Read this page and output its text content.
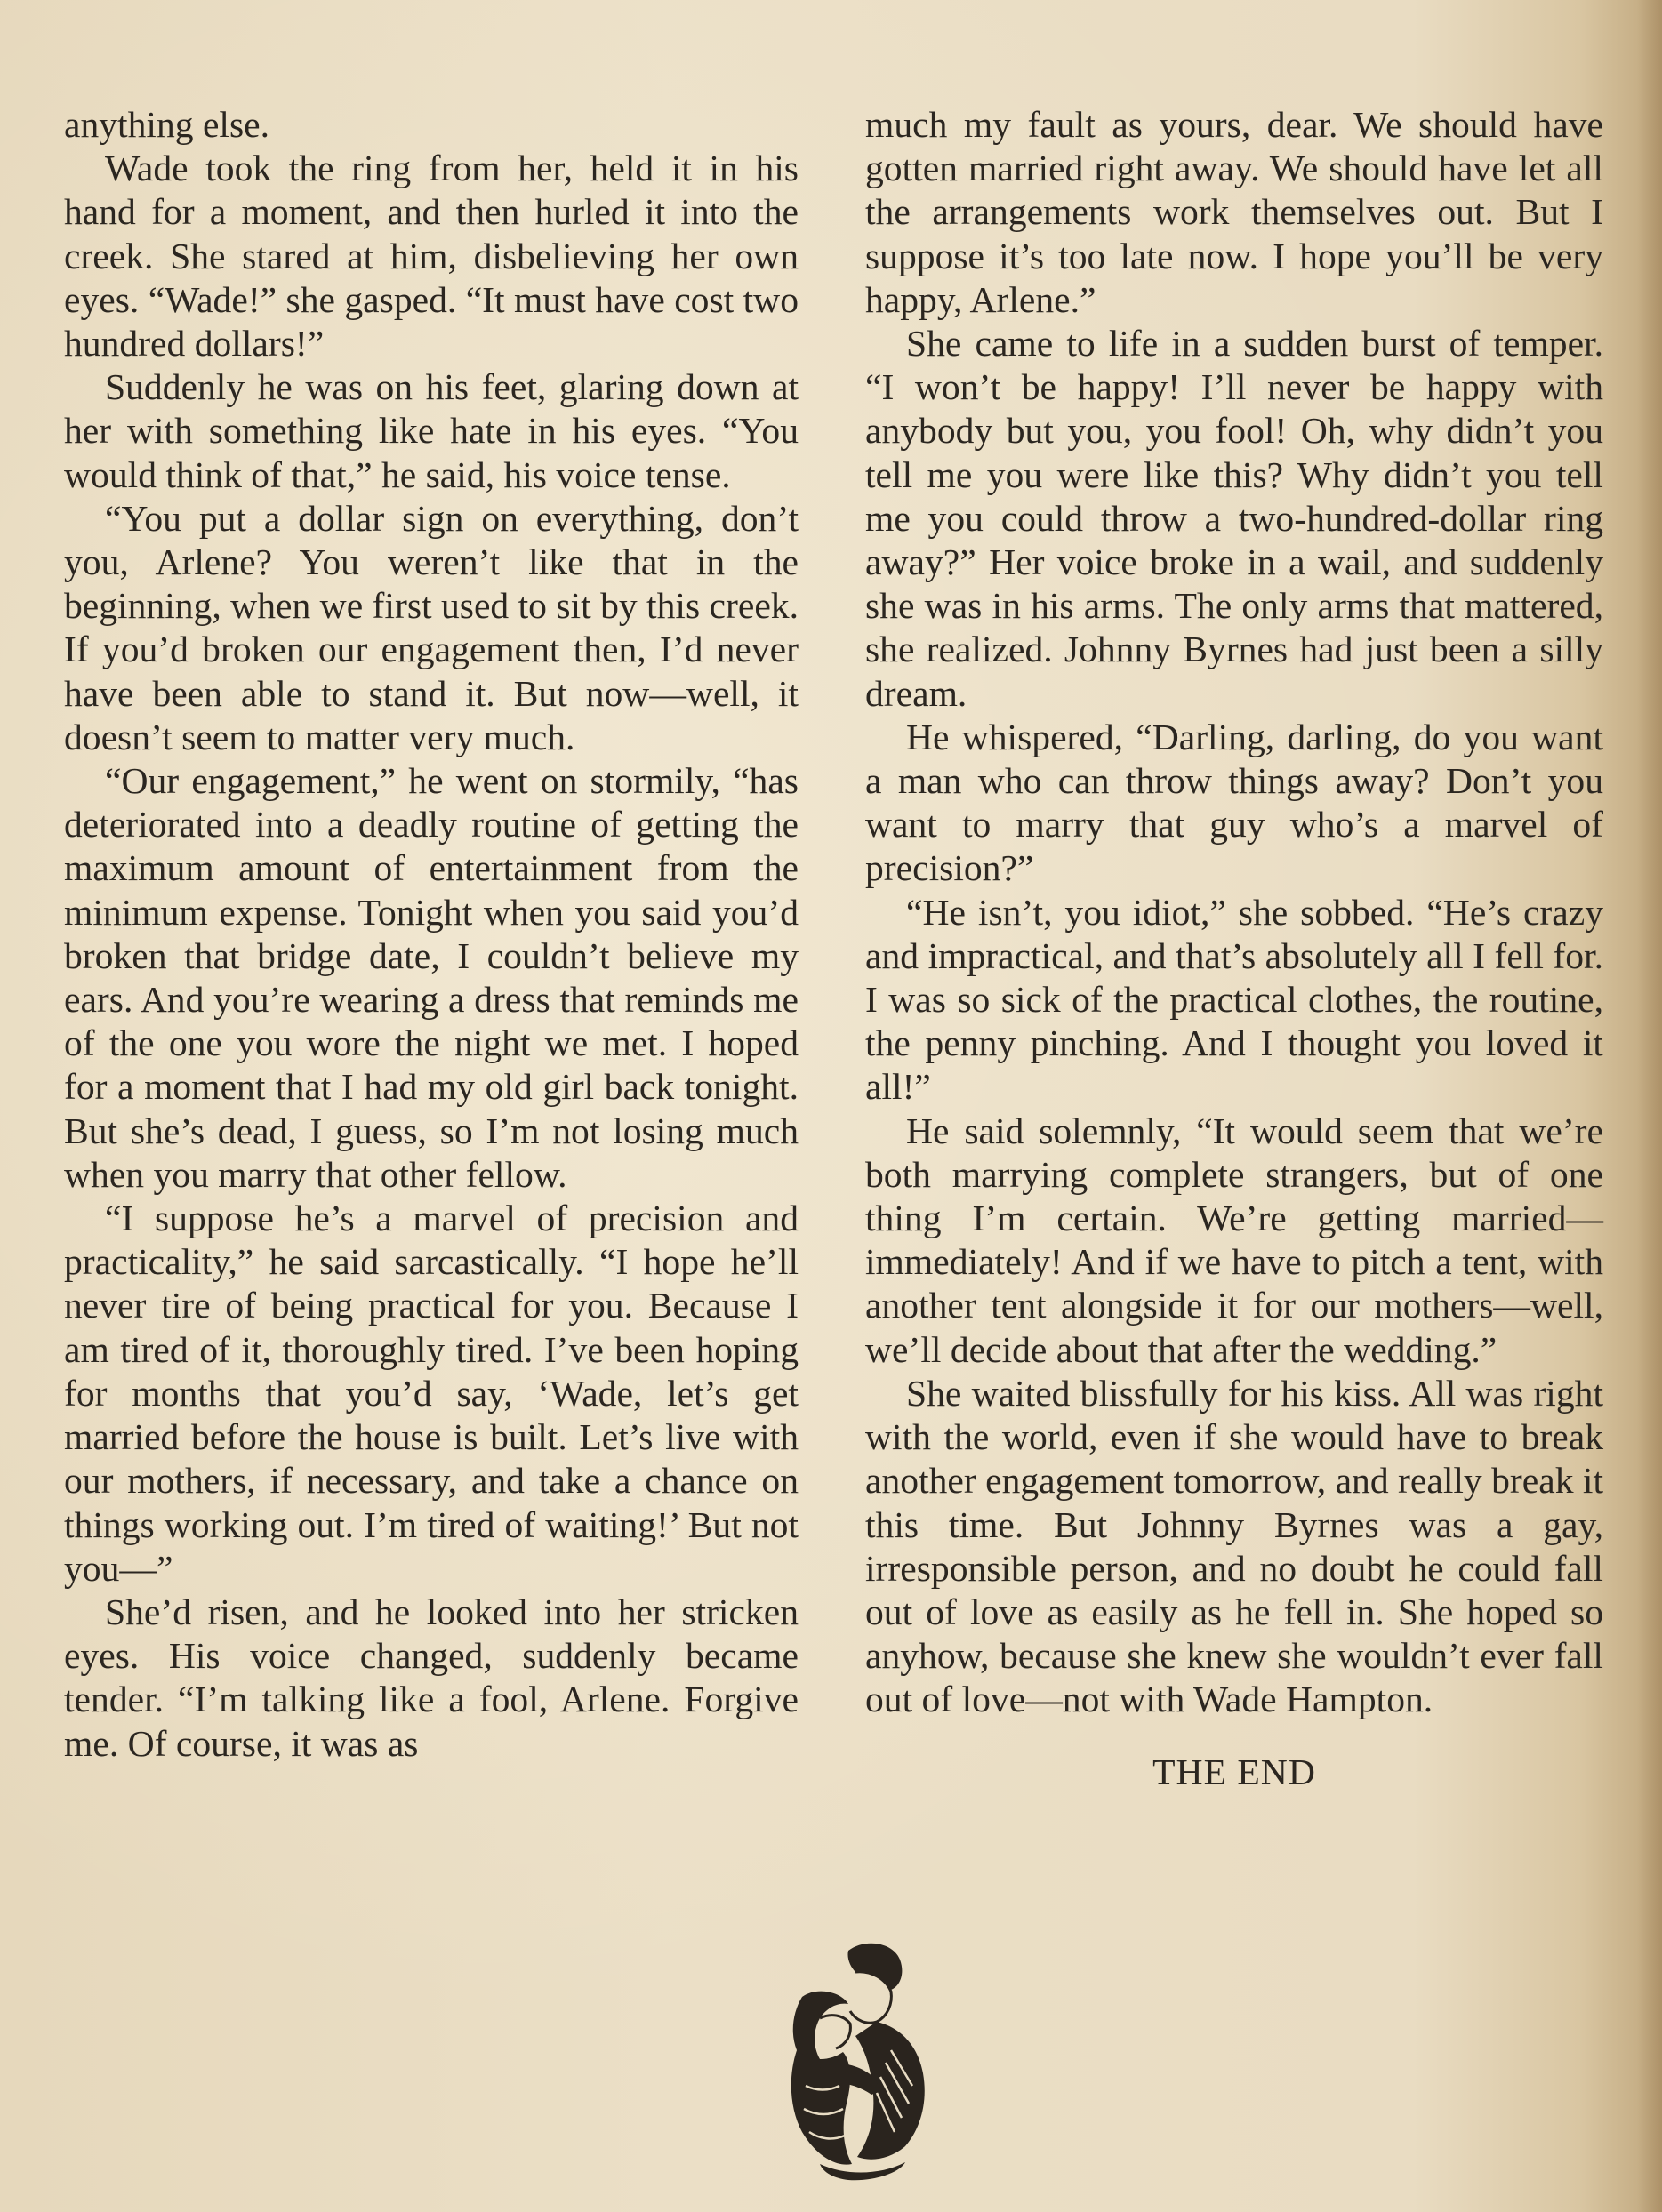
anything else.

Wade took the ring from her, held it in his hand for a moment, and then hurled it into the creek. She stared at him, disbelieving her own eyes. “Wade!” she gasped. “It must have cost two hundred dollars!”

Suddenly he was on his feet, glaring down at her with something like hate in his eyes. “You would think of that,” he said, his voice tense.

“You put a dollar sign on everything, don’t you, Arlene? You weren’t like that in the beginning, when we first used to sit by this creek. If you’d broken our engagement then, I’d never have been able to stand it. But now—well, it doesn’t seem to matter very much.

“Our engagement,” he went on stormily, “has deteriorated into a deadly routine of getting the maximum amount of entertainment from the minimum expense. Tonight when you said you’d broken that bridge date, I couldn’t believe my ears. And you’re wearing a dress that reminds me of the one you wore the night we met. I hoped for a moment that I had my old girl back tonight. But she’s dead, I guess, so I’m not losing much when you marry that other fellow.

“I suppose he’s a marvel of precision and practicality,” he said sarcastically. “I hope he’ll never tire of being practical for you. Because I am tired of it, thoroughly tired. I’ve been hoping for months that you’d say, ‘Wade, let’s get married before the house is built. Let’s live with our mothers, if necessary, and take a chance on things working out. I’m tired of waiting!’ But not you—”

She’d risen, and he looked into her stricken eyes. His voice changed, suddenly became tender. “I’m talking like a fool, Arlene. Forgive me. Of course, it was as

much my fault as yours, dear. We should have gotten married right away. We should have let all the arrangements work themselves out. But I suppose it’s too late now. I hope you’ll be very happy, Arlene.”

She came to life in a sudden burst of temper. “I won’t be happy! I’ll never be happy with anybody but you, you fool! Oh, why didn’t you tell me you were like this? Why didn’t you tell me you could throw a two-hundred-dollar ring away?” Her voice broke in a wail, and suddenly she was in his arms. The only arms that mattered, she realized. Johnny Byrnes had just been a silly dream.

He whispered, “Darling, darling, do you want a man who can throw things away? Don’t you want to marry that guy who’s a marvel of precision?”

“He isn’t, you idiot,” she sobbed. “He’s crazy and impractical, and that’s absolutely all I fell for. I was so sick of the practical clothes, the routine, the penny pinching. And I thought you loved it all!”

He said solemnly, “It would seem that we’re both marrying complete strangers, but of one thing I’m certain. We’re getting married—immediately! And if we have to pitch a tent, with another tent alongside it for our mothers—well, we’ll decide about that after the wedding.”

She waited blissfully for his kiss. All was right with the world, even if she would have to break another engagement tomorrow, and really break it this time. But Johnny Byrnes was a gay, irresponsible person, and no doubt he could fall out of love as easily as he fell in. She hoped so anyhow, because she knew she wouldn’t ever fall out of love—not with Wade Hampton.

THE END
